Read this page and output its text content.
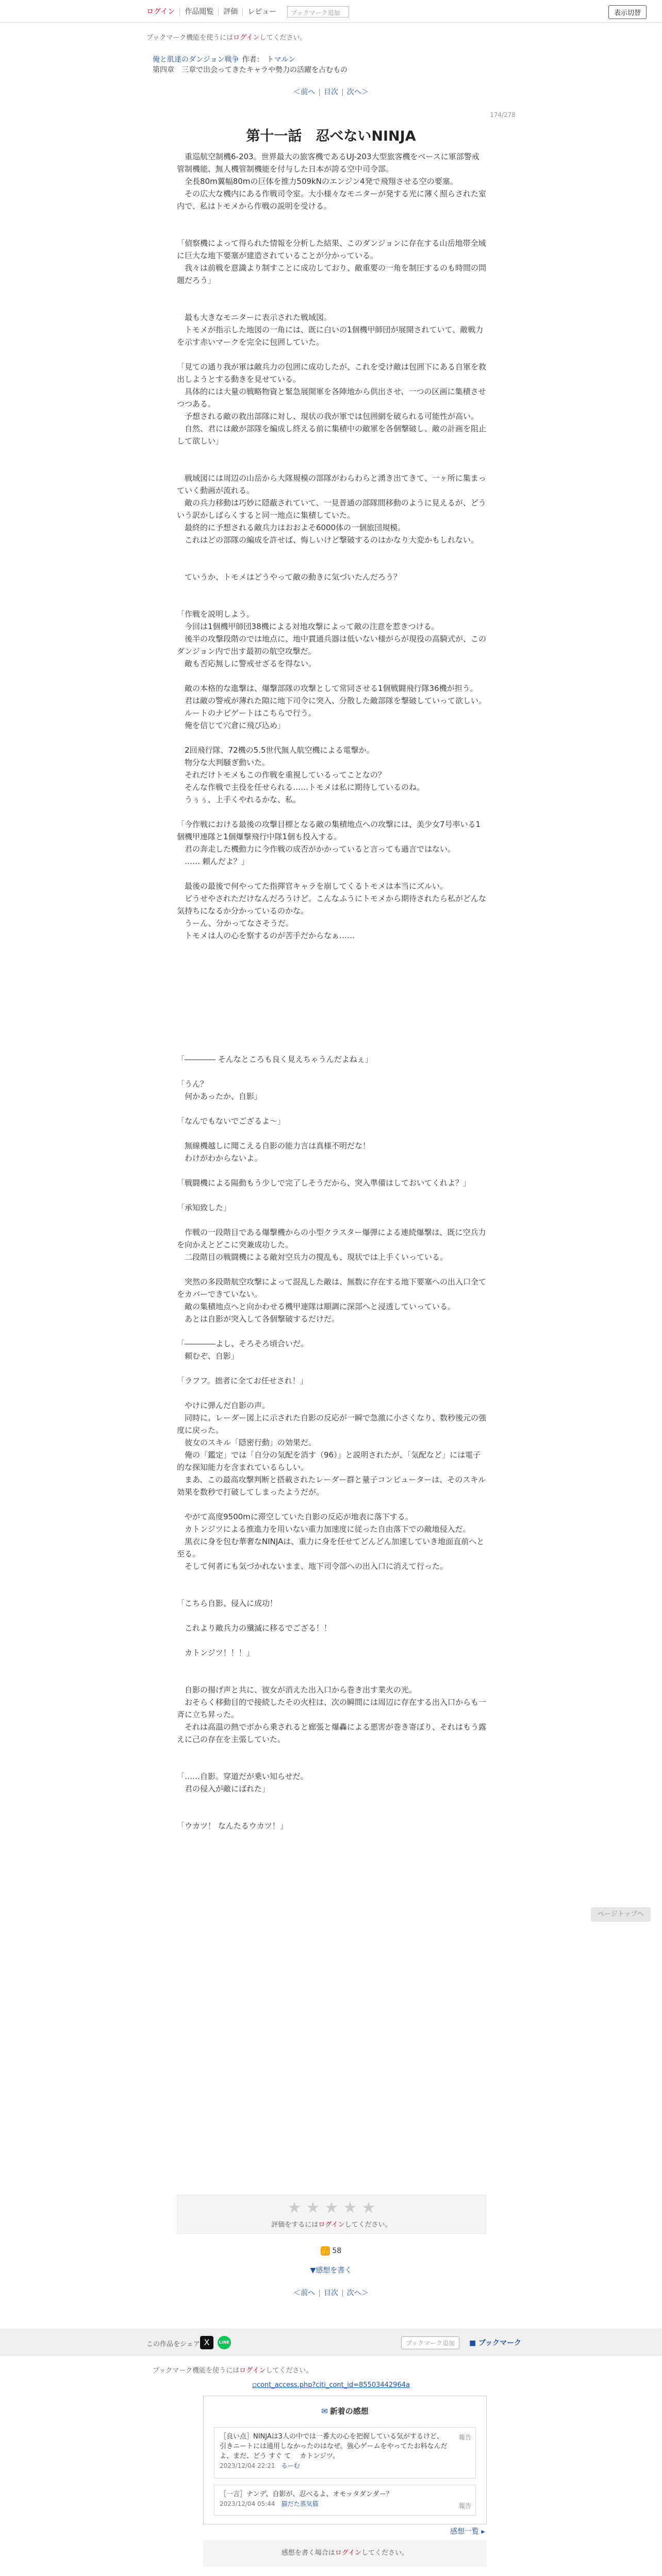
ログイン	作品閲覧	評価	レビュー	ブックマーク追加	表示切替
ブックマーク機能を使うにはログインしてください。
俺と肌達のダンジョン戦争 作者： トマルン
第四章　三章で出会ってきたキャラや勢力の活躍を占むもの
＜前へ | 目次 | 次へ＞
174/278
第十一話　忍べないNINJA

　重巡航空制機6-203。世界最大の旅客機であるUJ-203大型旅客機をベースに軍部警戒管制機能、無人機管制機能を付与した日本が誇る空中司令部。

　全長80m翼幅80mの巨体を推力509kNのエンジン4発で飛翔させる空の要塞。

　その広大な機内にある作戦司令室。大小様々なモニターが発する光に薄く照らされた室内で、私はトモメから作戦の説明を受ける。

「偵察機によって得られた情報を分析した結果、このダンジョンに存在する山岳地帯全域に巨大な地下要塞が建造されていることが分かっている。

　我々は前戦を意識より制すことに成功しており、敵重要の一角を制圧するのも時間の問題だろう」

　最も大きなモニターに表示された戦域図。

　トモメが指示した地図の一角には、既に白いの1個機甲師団が展開されていて、敵戦力を示す赤いマークを完全に包囲していた。

「見ての通り我が軍は敵兵力の包囲に成功したが、これを受け敵は包囲下にある自軍を救出しようとする動きを見せている。

　具体的には大量の戦略物資と緊急展開軍を各陣地から供出させ、一つの区画に集積させつつある。

　予想される敵の救出部隊に対し、現状の我が軍では包囲網を破られる可能性が高い。

　自然、君には敵が部隊を編成し終える前に集積中の敵軍を各個撃破し、敵の計画を阻止して欲しい」

　戦域図には周辺の山岳から大隊規模の部隊がわらわらと湧き出てきて、一ヶ所に集まっていく動画が流れる。

　敵の兵力移動は巧妙に隠蔽されていて、一見普通の部隊間移動のように見えるが、どういう訳かしばらくすると同一地点に集積していた。

　最終的に予想される敵兵力はおおよそ6000体の一個旅団規模。

　これはどの部隊の編成を許せば、悔しいけど撃破するのはかなり大変かもしれない。

　ていうか、トモメはどうやって敵の動きに気づいたんだろう？

「作戦を説明しよう。

　今回は1個機甲師団38機による対地攻撃によって敵の注意を惹きつける。

　後半の攻撃段階のでは地点に、地中貫通兵器は低いない様がらが現役の高騎式が、このダンジョン内で出す最初の航空攻撃だ。

　敵も否応無しに警戒せざるを得ない。

　敵の本格的な進撃は、爆撃部隊の攻撃として常同させる1個戦闘飛行隊36機が担う。

　君は敵の警戒が薄れた隙に地下司令に突入、分散した敵部隊を撃破していって欲しい。

　ルートのナビゲートはこちらで行う。

　俺を信じて穴倉に飛び込め」

　2回飛行隊、72機の5.5世代無人航空機による電撃か。

　物分な大判騒ぎ動いた。

　それだけトモメもこの作戦を重視しているってことなの？

　そんな作戦で主役を任せられる……トモメは私に期待しているのね。

　うぅぅ、上手くやれるかな、私。

「今作戦における最後の攻撃目標となる敵の集積地点への攻撃には、美少女7号率いる1個機甲連隊と1個爆撃飛行中隊1個も投入する。

　君の奔走した機動力に今作戦の成否がかかっていると言っても過言ではない。

　…… 頼んだよ？」

　最後の最後で何やってた指揮官キャラを崩してくるトモメは本当にズルい。

　ビうせやされただけなんだろうけど。こんなふうにトモメから期待されたら私がどんな気持ちになるか分かっているのかな。

　うーん、分かってなさそうだ。

　トモメは人の心を察するのが苦手だからなぁ……

「―――― そんなところも良く見えちゃうんだよねぇ」

「うん？

　何かあったか、自影」

「なんでもないでござるよ～」

　無線機越しに聞こえる自影の能力言は真様不明だな！

　わけがわからないよ。

「戦闘機による陽動もう少しで完了しそうだから、突入準備はしておいてくれよ？」

「承知致した」

　作戦の一段階目である爆撃機からの小型クラスター爆弾による連続爆撃は、既に空兵力を向かえとどこに突兼成功した。

　二段階目の戦闘機による敵対空兵力の撹乱も、現状では上手くいっている。

　突然の多段階航空攻撃によって混乱した敵は、無数に存在する地下要塞への出入口全てをカバーできていない。

　敵の集積地点へと向かわせる機甲連隊は順調に深部へと浸透していっている。

　あとは自影が突入して各個撃破するだけだ。

「――――よし、そろそろ頃合いだ。

　頼むぞ、自影」

「ラフフ。拙者に全てお任せされ！」

　やけに弾んだ自影の声。

　同時に、レーダー図上に示された自影の反応が一瞬で急激に小さくなり、数秒後元の強度に戻った。

　彼女のスキル「隠密行動」の効果だ。

　俺の「鑑定」では「自分の気配を消す（96）」と説明されたが、「気配など」には電子的な探知能力を含まれているらしい。

　まあ、この最高攻撃判断と搭載されたレーダー群と量子コンピューターは、そのスキル効果を数秒で打破してしまったようだが。

　やがて高度9500mに滞空していた自影の反応が地表に落下する。

　カトンジツによる推進力を用いない重力加速度に従った自由落下での敵地侵入だ。

　黒衣に身を包む華奢なNINJAは、重力に身を任せてどんどん加速していき地面直前へと至る。

　そして何者にも気づかれないまま、地下司令部への出入口に消えて行った。

「こちら自影、侵入に成功！

　これより敵兵力の殲滅に移るでござる！！

　カトンジツ！！！」

　自影の揚げ声と共に、彼女が消えた出入口から巻き出す業火の光。

　おそらく移動目的で接続したその火柱は、次の瞬間には周辺に存在する出入口からも一斉に立ち昇った。

　それは高温の熱でボから乗されると廊張と爆轟による悪害が巻き寄ぼり、それはもう露えに己の存在を主張していた。

「……自影。穿道だが乗い知らせだ。

　君の侵入が敵にばれた」

「ウカツ！ なんたるウカツ！」

ページトップへ
★ ★ ★ ★ ★
評価をするにはログインしてください。
👍 58
▼感想を書く
＜前へ | 目次 | 次へ＞
この作品をシェア X	LINE	ブックマーク追加	■ ブックマーク
ブックマーク機能を使うにはログインしてください。
▫cont_access.php?citi_cont_id=85503442964a
✉ 新着の感想
［良い点］NINJAは3人の中では一番大の心を把握している気がするけど、引きニートには通用しなかったのはなぜ。強心ゲームをやってたお料なんだよ、まだ、どう すぐ て　 カトンジツ。
2023/12/04 22:21　 るーむ
報告
［一言］ナンデ、自影が、忍べるよ、オモッタダンダー？
2023/12/04 05:44　 猫だた蒸気猫	報告
感想一覧 ▸
感想を書く場合はログインしてください。
